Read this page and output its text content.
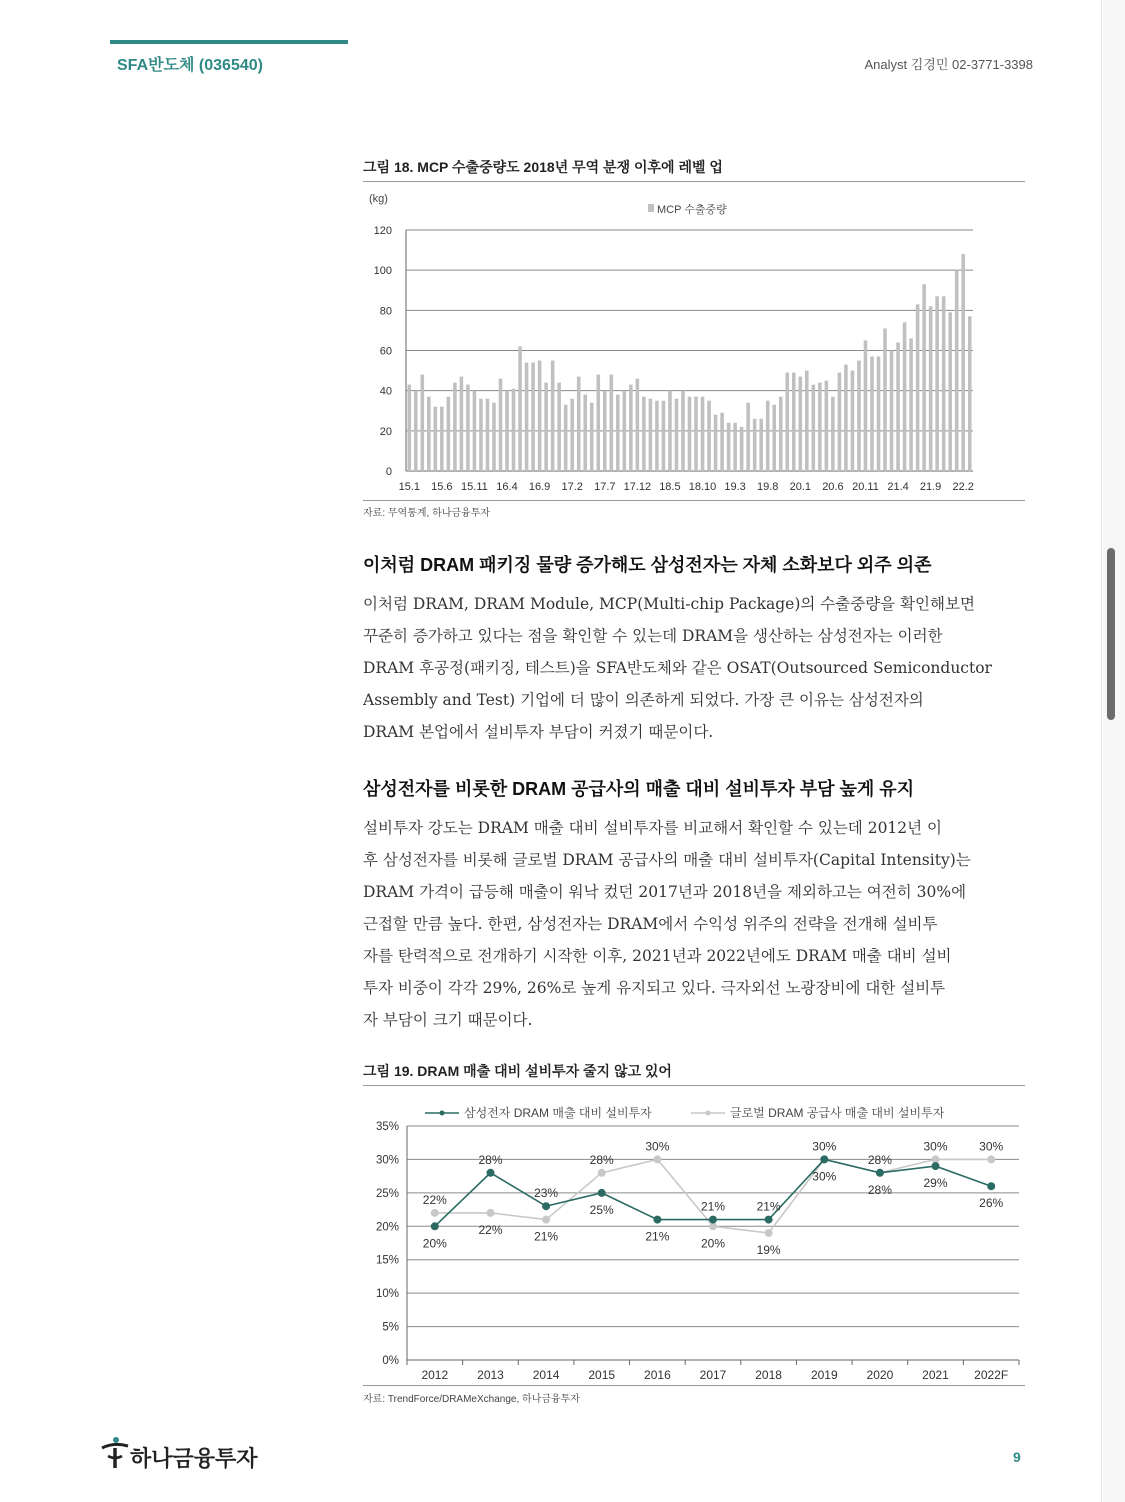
SFA반도체 (036540)	Analyst 김경민 02-3771-3398
그림 18. MCP 수출중량도 2018년 무역 분쟁 이후에 레벨 업
(kg)
MCP 수출중량
0
20
40
60
80
100
120
15.1 15.6 15.11 16.4 16.9 17.2 17.7 17.12 18.5 18.10 19.3 19.8 20.1 20.6 20.11 21.4 21.9 22.2
자료: 무역통계, 하나금융투자
이처럼 DRAM 패키징 물량 증가해도 삼성전자는 자체 소화보다 외주 의존
이처럼 DRAM, DRAM Module, MCP(Multi-chip Package)의 수출중량을 확인해보면
꾸준히 증가하고 있다는 점을 확인할 수 있는데 DRAM을 생산하는 삼성전자는 이러한
DRAM 후공정(패키징, 테스트)을 SFA반도체와 같은 OSAT(Outsourced Semiconductor
Assembly and Test) 기업에 더 많이 의존하게 되었다. 가장 큰 이유는 삼성전자의
DRAM 본업에서 설비투자 부담이 커졌기 때문이다.
삼성전자를 비롯한 DRAM 공급사의 매출 대비 설비투자 부담 높게 유지
설비투자 강도는 DRAM 매출 대비 설비투자를 비교해서 확인할 수 있는데 2012년 이
후 삼성전자를 비롯해 글로벌 DRAM 공급사의 매출 대비 설비투자(Capital Intensity)는
DRAM 가격이 급등해 매출이 워낙 컸던 2017년과 2018년을 제외하고는 여전히 30%에
근접할 만큼 높다. 한편, 삼성전자는 DRAM에서 수익성 위주의 전략을 전개해 설비투
자를 탄력적으로 전개하기 시작한 이후, 2021년과 2022년에도 DRAM 매출 대비 설비
투자 비중이 각각 29%, 26%로 높게 유지되고 있다. 극자외선 노광장비에 대한 설비투
자 부담이 크기 때문이다.
그림 19. DRAM 매출 대비 설비투자 줄지 않고 있어
삼성전자 DRAM 매출 대비 설비투자	글로벌 DRAM 공급사 매출 대비 설비투자
0%
5%
10%
15%
20%
25%
30%
35%
2012 2013 2014 2015 2016 2017 2018 2019 2020 2021 2022F
20%
28%
23%
25%
21%
21%	21%
30%
28%	29%
26%
22%
22%	21%
28%
30%
20%	19%
30%
28%
30%	30%
자료: TrendForce/DRAMeXchange, 하나금융투자
하나금융투자	9
